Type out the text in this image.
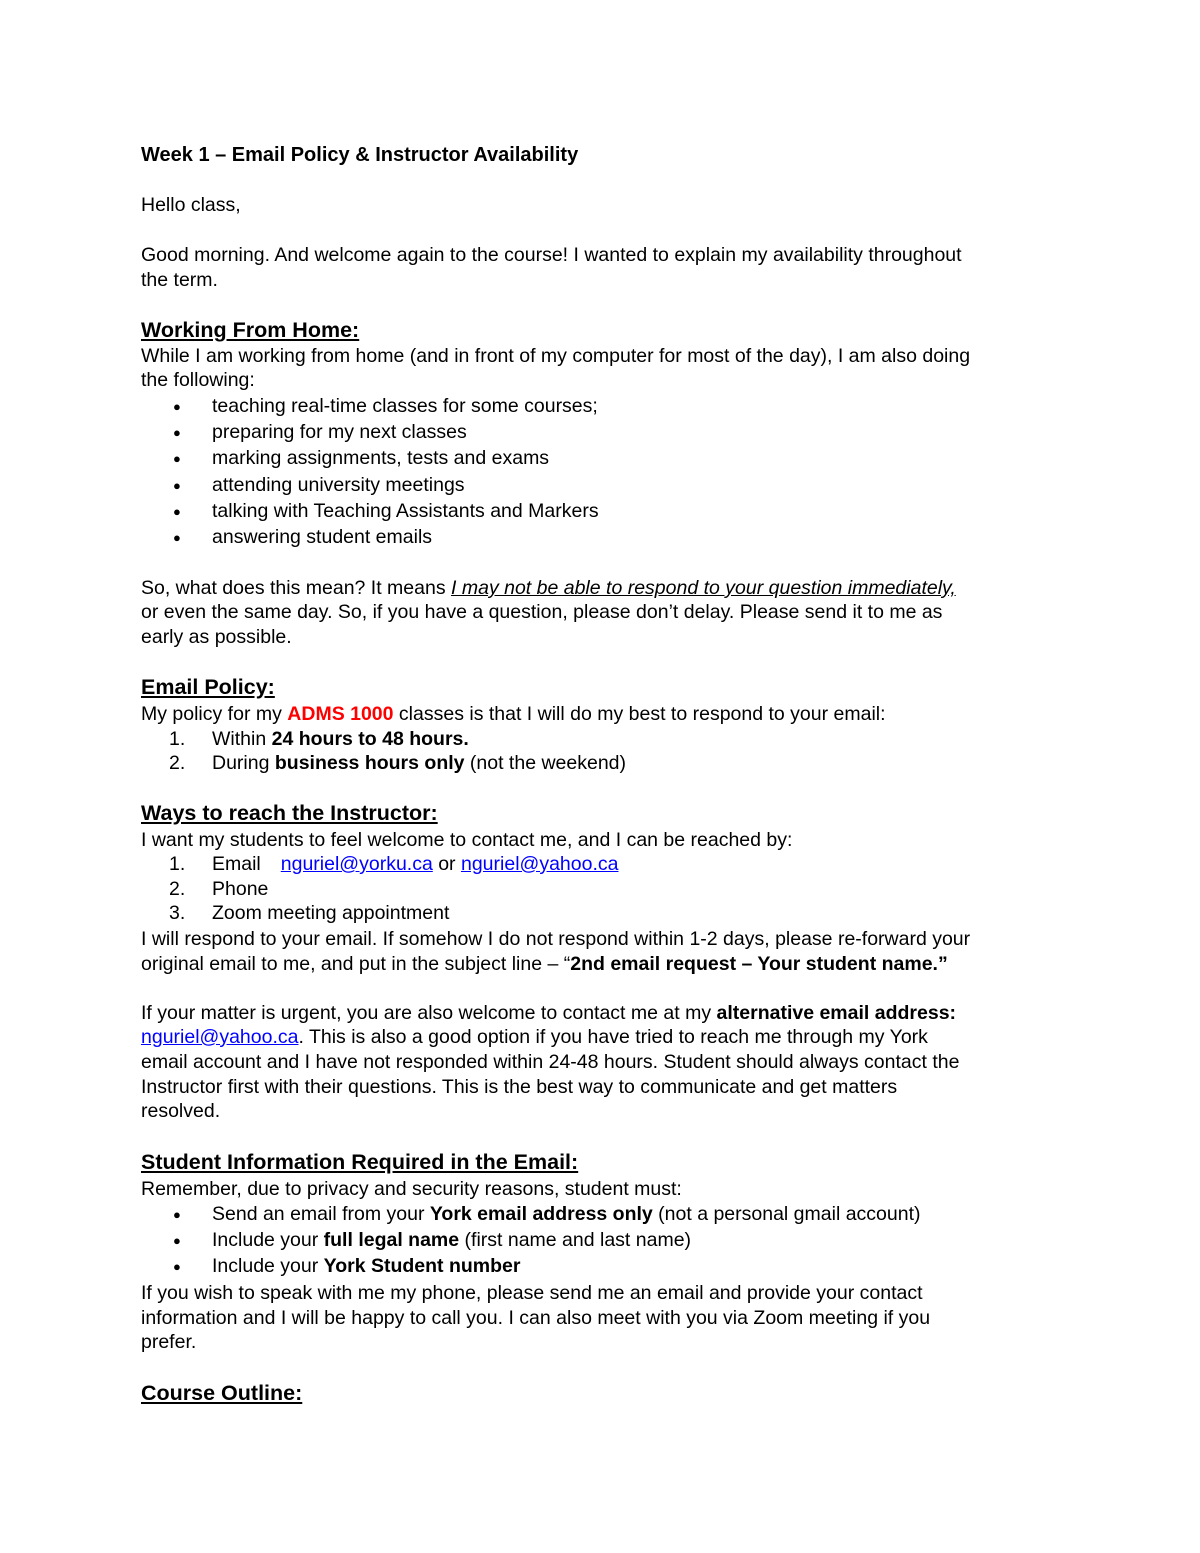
Week 1 – Email Policy & Instructor Availability
Hello class,
Good morning. And welcome again to the course! I wanted to explain my availability throughout
the term.
Working From Home:
While I am working from home (and in front of my computer for most of the day), I am also doing
the following:
● teaching real-time classes for some courses;
● preparing for my next classes
● marking assignments, tests and exams
● attending university meetings
● talking with Teaching Assistants and Markers
● answering student emails
So, what does this mean? It means I may not be able to respond to your question immediately,
or even the same day. So, if you have a question, please don’t delay. Please send it to me as
early as possible.
Email Policy:
My policy for my ADMS 1000 classes is that I will do my best to respond to your email:
1. Within 24 hours to 48 hours.
2. During business hours only (not the weekend)
Ways to reach the Instructor:
I want my students to feel welcome to contact me, and I can be reached by:
1. Email nguriel@yorku.ca or nguriel@yahoo.ca
2. Phone
3. Zoom meeting appointment
I will respond to your email. If somehow I do not respond within 1-2 days, please re-forward your
original email to me, and put in the subject line – “2nd email request – Your student name.”
If your matter is urgent, you are also welcome to contact me at my alternative email address:
nguriel@yahoo.ca. This is also a good option if you have tried to reach me through my York
email account and I have not responded within 24-48 hours. Student should always contact the
Instructor first with their questions. This is the best way to communicate and get matters
resolved.
Student Information Required in the Email:
Remember, due to privacy and security reasons, student must:
● Send an email from your York email address only (not a personal gmail account)
● Include your full legal name (first name and last name)
● Include your York Student number
If you wish to speak with me my phone, please send me an email and provide your contact
information and I will be happy to call you. I can also meet with you via Zoom meeting if you
prefer.
Course Outline:
